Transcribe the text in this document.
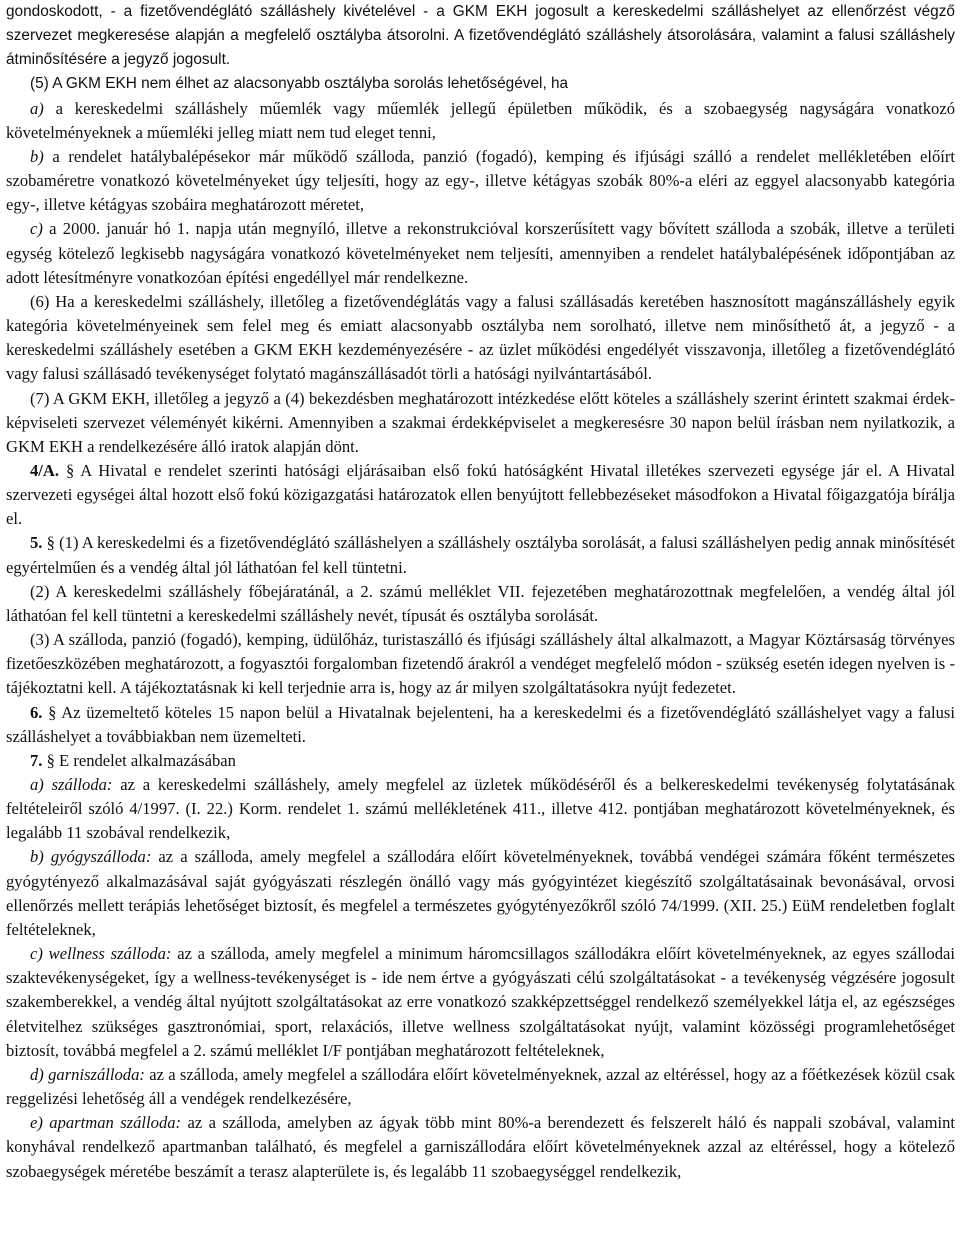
gondoskodott, - a fizetővendéglátó szálláshely kivételével - a GKM EKH jogosult a kereskedelmi szálláshelyet az ellenőrzést végző szervezet megkeresése alapján a megfelelő osztályba átsorolni. A fizetővendéglátó szálláshely átsorolására, valamint a falusi szálláshely átminősítésére a jegyző jogosult.

(5) A GKM EKH nem élhet az alacsonyabb osztályba sorolás lehetőségével, ha

a) a kereskedelmi szálláshely műemlék vagy műemlék jellegű épületben működik, és a szobaegység nagyságára vonatkozó követelményeknek a műemléki jelleg miatt nem tud eleget tenni,

b) a rendelet hatálybalépésekor már működő szálloda, panzió (fogadó), kemping és ifjúsági szálló a rendelet mellékletében előírt szobaméretre vonatkozó követelményeket úgy teljesíti, hogy az egy-, illetve kétágyas szobák 80%-a eléri az eggyel alacsonyabb kategória egy-, illetve kétágyas szobáira meghatározott méretet,

c) a 2000. január hó 1. napja után megnyíló, illetve a rekonstrukcióval korszerűsített vagy bővített szálloda a szobák, illetve a területi egység kötelező legkisebb nagyságára vonatkozó követelményeket nem teljesíti, amennyiben a rendelet hatálybalépésének időpontjában az adott létesítményre vonatkozóan építési engedéllyel már rendelkezne.

(6) Ha a kereskedelmi szálláshely, illetőleg a fizetővendéglátás vagy a falusi szállásadás keretében hasznosított magánszálláshely egyik kategória követelményeinek sem felel meg és emiatt alacsonyabb osztályba nem sorolható, illetve nem minősíthető át, a jegyző - a kereskedelmi szálláshely esetében a GKM EKH kezdeményezésére - az üzlet működési engedélyét visszavonja, illetőleg a fizetővendéglátó vagy falusi szállásadó tevékenységet folytató magánszállásadót törli a hatósági nyilvántartásából.

(7) A GKM EKH, illetőleg a jegyző a (4) bekezdésben meghatározott intézkedése előtt köteles a szálláshely szerint érintett szakmai érdek-képviseleti szervezet véleményét kikérni. Amennyiben a szakmai érdekképviselet a megkeresésre 30 napon belül írásban nem nyilatkozik, a GKM EKH a rendelkezésére álló iratok alapján dönt.

4/A. § A Hivatal e rendelet szerinti hatósági eljárásaiban első fokú hatóságként Hivatal illetékes szervezeti egysége jár el. A Hivatal szervezeti egységei által hozott első fokú közigazgatási határozatok ellen benyújtott fellebbezéseket másodfokon a Hivatal főigazgatója bírálja el.

5. § (1) A kereskedelmi és a fizetővendéglátó szálláshelyen a szálláshely osztályba sorolását, a falusi szálláshelyen pedig annak minősítését egyértelműen és a vendég által jól láthatóan fel kell tüntetni.

(2) A kereskedelmi szálláshely főbejáratánál, a 2. számú melléklet VII. fejezetében meghatározottnak megfelelően, a vendég által jól láthatóan fel kell tüntetni a kereskedelmi szálláshely nevét, típusát és osztályba sorolását.

(3) A szálloda, panzió (fogadó), kemping, üdülőház, turistaszálló és ifjúsági szálláshely által alkalmazott, a Magyar Köztársaság törvényes fizetőeszközében meghatározott, a fogyasztói forgalomban fizetendő árakról a vendéget megfelelő módon - szükség esetén idegen nyelven is - tájékoztatni kell. A tájékoztatásnak ki kell terjednie arra is, hogy az ár milyen szolgáltatásokra nyújt fedezetet.

6. § Az üzemeltető köteles 15 napon belül a Hivatalnak bejelenteni, ha a kereskedelmi és a fizetővendéglátó szálláshelyet vagy a falusi szálláshelyet a továbbiakban nem üzemelteti.

7. § E rendelet alkalmazásában

a) szálloda: az a kereskedelmi szálláshely, amely megfelel az üzletek működéséről és a belkereskedelmi tevékenység folytatásának feltételeiről szóló 4/1997. (I. 22.) Korm. rendelet 1. számú mellékletének 411., illetve 412. pontjában meghatározott követelményeknek, és legalább 11 szobával rendelkezik,

b) gyógyszálloda: az a szálloda, amely megfelel a szállodára előírt követelményeknek, továbbá vendégei számára főként természetes gyógytényező alkalmazásával saját gyógyászati részlegén önálló vagy más gyógyintézet kiegészítő szolgáltatásainak bevonásával, orvosi ellenőrzés mellett terápiás lehetőséget biztosít, és megfelel a természetes gyógytényezőkről szóló 74/1999. (XII. 25.) EüM rendeletben foglalt feltételeknek,

c) wellness szálloda: az a szálloda, amely megfelel a minimum háromcsillagos szállodákra előírt követelményeknek, az egyes szállodai szaktevékenységeket, így a wellness-tevékenységet is - ide nem értve a gyógyászati célú szolgáltatásokat - a tevékenység végzésére jogosult szakemberekkel, a vendég által nyújtott szolgáltatásokat az erre vonatkozó szakképzettséggel rendelkező személyekkel látja el, az egészséges életvitelhez szükséges gasztronómiai, sport, relaxációs, illetve wellness szolgáltatásokat nyújt, valamint közösségi programlehetőséget biztosít, továbbá megfelel a 2. számú melléklet I/F pontjában meghatározott feltételeknek,

d) garniszálloda: az a szálloda, amely megfelel a szállodára előírt követelményeknek, azzal az eltéréssel, hogy az a főétkezések közül csak reggelizési lehetőség áll a vendégek rendelkezésére,

e) apartman szálloda: az a szálloda, amelyben az ágyak több mint 80%-a berendezett és felszerelt háló és nappali szobával, valamint konyhával rendelkező apartmanban található, és megfelel a garniszállodára előírt követelményeknek azzal az eltéréssel, hogy a kötelező szobaegységek méretébe beszámít a terasz alapterülete is, és legalább 11 szobaegységgel rendelkezik,
